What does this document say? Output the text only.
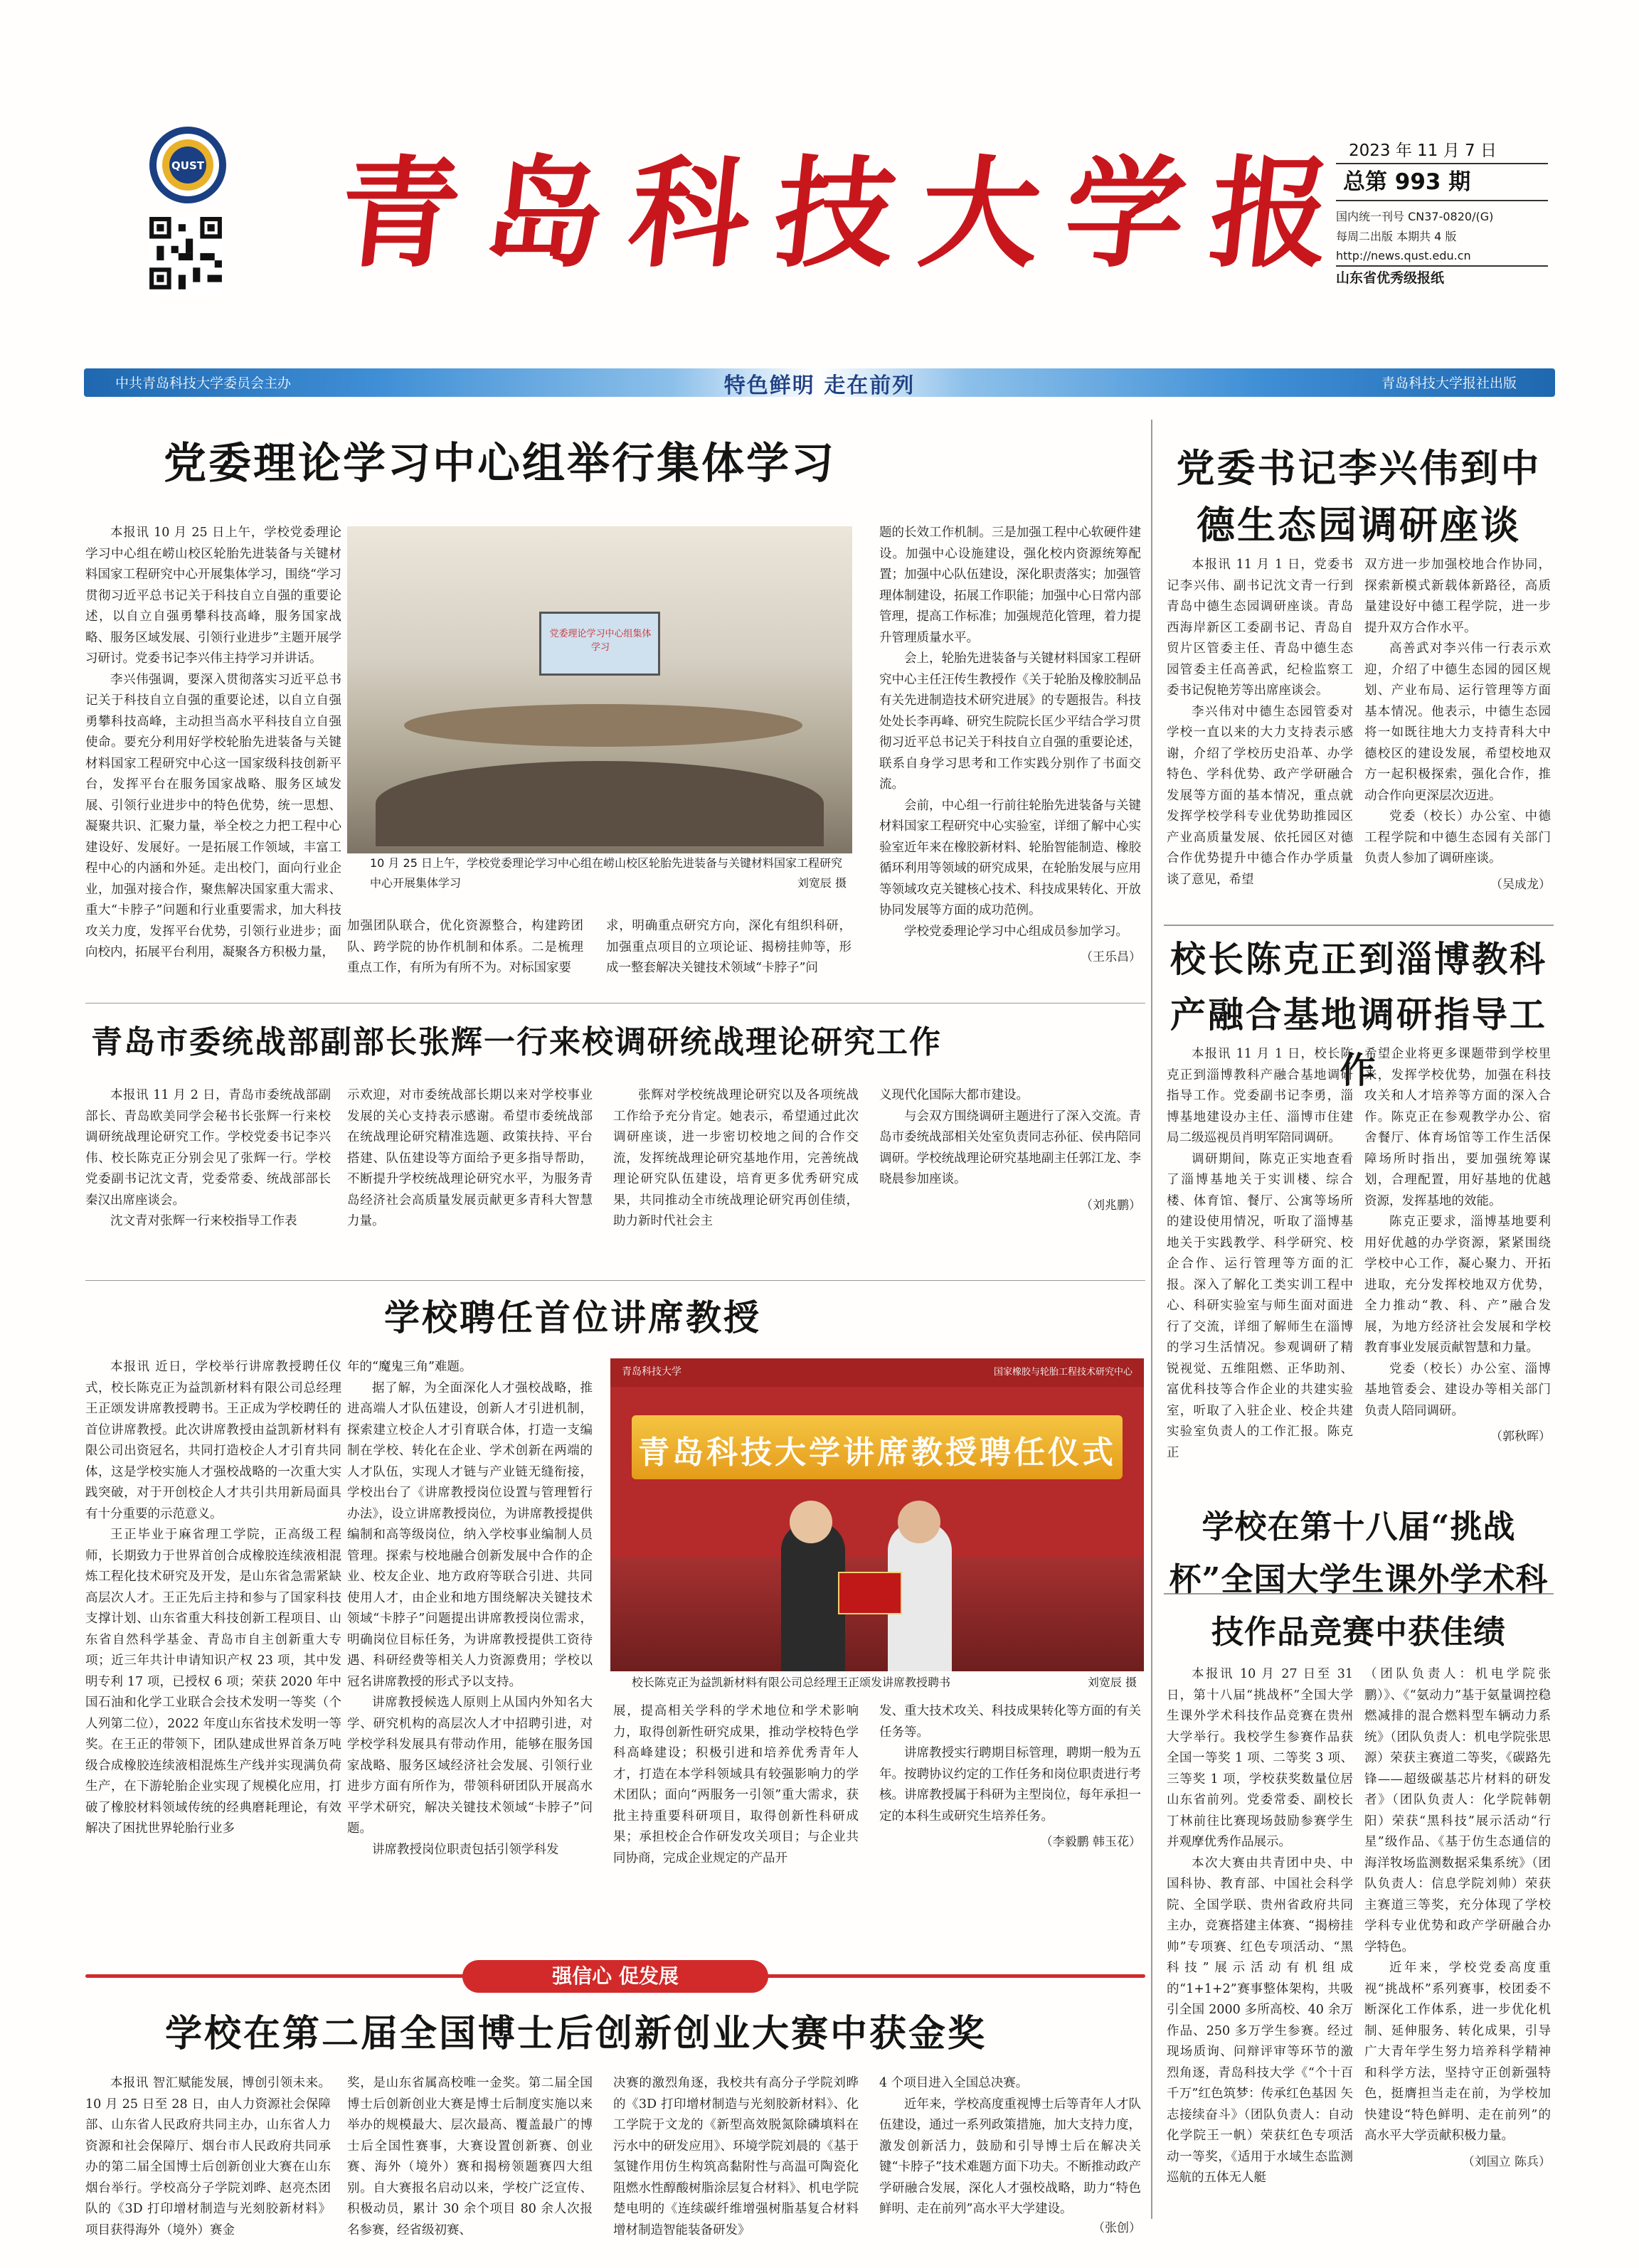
QUST 青岛科技大学报
2023 年 11 月 7 日
总第 993 期
国内统一刊号 CN37-0820/(G)
每周二出版 本期共 4 版
http://news.qust.edu.cn
山东省优秀级报纸
中共青岛科技大学委员会主办	特色鲜明 走在前列	青岛科技大学报社出版
党委理论学习中心组举行集体学习

本报讯 10 月 25 日上午，学校党委理论学习中心组在崂山校区轮胎先进装备与关键材料国家工程研究中心开展集体学习，围绕“学习贯彻习近平总书记关于科技自立自强的重要论述，以自立自强勇攀科技高峰，服务国家战略、服务区域发展、引领行业进步”主题开展学习研讨。党委书记李兴伟主持学习并讲话。

李兴伟强调，要深入贯彻落实习近平总书记关于科技自立自强的重要论述，以自立自强勇攀科技高峰，主动担当高水平科技自立自强使命。要充分利用好学校轮胎先进装备与关键材料国家工程研究中心这一国家级科技创新平台，发挥平台在服务国家战略、服务区域发展、引领行业进步中的特色优势，统一思想、凝聚共识、汇聚力量，举全校之力把工程中心建设好、发展好。一是拓展工作领域，丰富工程中心的内涵和外延。走出校门，面向行业企业，加强对接合作，聚焦解决国家重大需求、重大“卡脖子”问题和行业重要需求，加大科技攻关力度，发挥平台优势，引领行业进步；面向校内，拓展平台利用，凝聚各方积极力量，

党委理论学习中心组集体学习
10 月 25 日上午，学校党委理论学习中心组在崂山校区轮胎先进装备与关键材料国家工程研究中心开展集体学习	刘宽辰 摄

加强团队联合，优化资源整合，构建跨团队、跨学院的协作机制和体系。二是梳理重点工作，有所为有所不为。对标国家要

求，明确重点研究方向，深化有组织科研，加强重点项目的立项论证、揭榜挂帅等，形成一整套解决关键技术领域“卡脖子”问

题的长效工作机制。三是加强工程中心软硬件建设。加强中心设施建设，强化校内资源统筹配置；加强中心队伍建设，深化职责落实；加强管理体制建设，拓展工作职能；加强中心日常内部管理，提高工作标准；加强规范化管理，着力提升管理质量水平。

会上，轮胎先进装备与关键材料国家工程研究中心主任汪传生教授作《关于轮胎及橡胶制品有关先进制造技术研究进展》的专题报告。科技处处长李再峰、研究生院院长匡少平结合学习贯彻习近平总书记关于科技自立自强的重要论述，联系自身学习思考和工作实践分别作了书面交流。

会前，中心组一行前往轮胎先进装备与关键材料国家工程研究中心实验室，详细了解中心实验室近年来在橡胶新材料、轮胎智能制造、橡胶循环利用等领域的研究成果，在轮胎发展与应用等领域攻克关键核心技术、科技成果转化、开放协同发展等方面的成功范例。

学校党委理论学习中心组成员参加学习。

（王乐昌）
党委书记李兴伟到中德生态园调研座谈

本报讯 11 月 1 日，党委书记李兴伟、副书记沈文青一行到青岛中德生态园调研座谈。青岛西海岸新区工委副书记、青岛自贸片区管委主任、青岛中德生态园管委主任高善武，纪检监察工委书记倪艳芳等出席座谈会。

李兴伟对中德生态园管委对学校一直以来的大力支持表示感谢，介绍了学校历史沿革、办学特色、学科优势、政产学研融合发展等方面的基本情况，重点就发挥学校学科专业优势助推园区产业高质量发展、依托园区对德合作优势提升中德合作办学质量谈了意见，希望

双方进一步加强校地合作协同，探索新模式新载体新路径，高质量建设好中德工程学院，进一步提升双方合作水平。

高善武对李兴伟一行表示欢迎，介绍了中德生态园的园区规划、产业布局、运行管理等方面基本情况。他表示，中德生态园将一如既往地大力支持青科大中德校区的建设发展，希望校地双方一起积极探索，强化合作，推动合作向更深层次迈进。

党委（校长）办公室、中德工程学院和中德生态园有关部门负责人参加了调研座谈。

（吴成龙）
校长陈克正到淄博教科产融合基地调研指导工作

本报讯 11 月 1 日，校长陈克正到淄博教科产融合基地调研指导工作。党委副书记李勇，淄博基地建设办主任、淄博市住建局二级巡视员肖明军陪同调研。

调研期间，陈克正实地查看了淄博基地关于实训楼、综合楼、体育馆、餐厅、公寓等场所的建设使用情况，听取了淄博基地关于实践教学、科学研究、校企合作、运行管理等方面的汇报。深入了解化工类实训工程中心、科研实验室与师生面对面进行了交流，详细了解师生在淄博的学习生活情况。参观调研了精锐视觉、五维阻燃、正华助剂、富优科技等合作企业的共建实验室，听取了入驻企业、校企共建实验室负责人的工作汇报。陈克正

希望企业将更多课题带到学校里来，发挥学校优势，加强在科技攻关和人才培养等方面的深入合作。陈克正在参观教学办公、宿舍餐厅、体育场馆等工作生活保障场所时指出，要加强统筹谋划，合理配置，用好基地的优越资源，发挥基地的效能。

陈克正要求，淄博基地要利用好优越的办学资源，紧紧围绕学校中心工作，凝心聚力、开拓进取，充分发挥校地双方优势，全力推动“教、科、产”融合发展，为地方经济社会发展和学校教育事业发展贡献智慧和力量。

党委（校长）办公室、淄博基地管委会、建设办等相关部门负责人陪同调研。

（郭秋晖）
青岛市委统战部副部长张辉一行来校调研统战理论研究工作

本报讯 11 月 2 日，青岛市委统战部副部长、青岛欧美同学会秘书长张辉一行来校调研统战理论研究工作。学校党委书记李兴伟、校长陈克正分别会见了张辉一行。学校党委副书记沈文青，党委常委、统战部部长秦汉出席座谈会。

沈文青对张辉一行来校指导工作表

示欢迎，对市委统战部长期以来对学校事业发展的关心支持表示感谢。希望市委统战部在统战理论研究精准选题、政策扶持、平台搭建、队伍建设等方面给予更多指导帮助，不断提升学校统战理论研究水平，为服务青岛经济社会高质量发展贡献更多青科大智慧力量。

张辉对学校统战理论研究以及各项统战工作给予充分肯定。她表示，希望通过此次调研座谈，进一步密切校地之间的合作交流，发挥统战理论研究基地作用，完善统战理论研究队伍建设，培育更多优秀研究成果，共同推动全市统战理论研究再创佳绩，助力新时代社会主

义现代化国际大都市建设。

与会双方围绕调研主题进行了深入交流。青岛市委统战部相关处室负责同志孙征、侯冉陪同调研。学校统战理论研究基地副主任郭江龙、李晓晨参加座谈。

（刘兆鹏）
学校聘任首位讲席教授

本报讯 近日，学校举行讲席教授聘任仪式，校长陈克正为益凯新材料有限公司总经理王正颂发讲席教授聘书。王正成为学校聘任的首位讲席教授。此次讲席教授由益凯新材料有限公司出资冠名，共同打造校企人才引育共同体，这是学校实施人才强校战略的一次重大实践突破，对于开创校企人才共引共用新局面具有十分重要的示范意义。

王正毕业于麻省理工学院，正高级工程师，长期致力于世界首创合成橡胶连续液相混炼工程化技术研究及开发，是山东省急需紧缺高层次人才。王正先后主持和参与了国家科技支撑计划、山东省重大科技创新工程项目、山东省自然科学基金、青岛市自主创新重大专项；近三年共计申请知识产权 23 项，其中发明专利 17 项，已授权 6 项；荣获 2020 年中国石油和化学工业联合会技术发明一等奖（个人列第二位），2022 年度山东省技术发明一等奖。在王正的带领下，团队建成世界首条万吨级合成橡胶连续液相混炼生产线并实现满负荷生产，在下游轮胎企业实现了规模化应用，打破了橡胶材料领域传统的经典磨耗理论，有效解决了困扰世界轮胎行业多

年的“魔鬼三角”难题。

据了解，为全面深化人才强校战略，推进高端人才队伍建设，创新人才引进机制，探索建立校企人才引育联合体，打造一支编制在学校、转化在企业、学术创新在两端的人才队伍，实现人才链与产业链无缝衔接，学校出台了《讲席教授岗位设置与管理暂行办法》，设立讲席教授岗位，为讲席教授提供编制和高等级岗位，纳入学校事业编制人员管理。探索与校地融合创新发展中合作的企业、校友企业、地方政府等联合引进、共同使用人才，由企业和地方围绕解决关键技术领域“卡脖子”问题提出讲席教授岗位需求，明确岗位目标任务，为讲席教授提供工资待遇、科研经费等相关人力资源费用；学校以冠名讲席教授的形式予以支持。

讲席教授候选人原则上从国内外知名大学、研究机构的高层次人才中招聘引进，对学校学科发展具有带动作用，能够在服务国家战略、服务区域经济社会发展、引领行业进步方面有所作为，带领科研团队开展高水平学术研究，解决关键技术领域“卡脖子”问题。

讲席教授岗位职责包括引领学科发

青岛科技大学	国家橡胶与轮胎工程技术研究中心
青岛科技大学讲席教授聘任仪式
校长陈克正为益凯新材料有限公司总经理王正颂发讲席教授聘书	刘宽辰 摄

展，提高相关学科的学术地位和学术影响力，取得创新性研究成果，推动学校特色学科高峰建设；积极引进和培养优秀青年人才，打造在本学科领域具有较强影响力的学术团队；面向“两服务一引领”重大需求，获批主持重要科研项目，取得创新性科研成果；承担校企合作研发攻关项目；与企业共同协商，完成企业规定的产品开

发、重大技术攻关、科技成果转化等方面的有关任务等。

讲席教授实行聘期目标管理，聘期一般为五年。按聘协议约定的工作任务和岗位职责进行考核。讲席教授属于科研为主型岗位，每年承担一定的本科生或研究生培养任务。

（李毅鹏 韩玉花）
学校在第十八届“挑战杯”全国大学生课外学术科技作品竞赛中获佳绩

本报讯 10 月 27 日至 31 日，第十八届“挑战杯”全国大学生课外学术科技作品竞赛在贵州大学举行。我校学生参赛作品获全国一等奖 1 项、二等奖 3 项、三等奖 1 项，学校获奖数量位居山东省前列。党委常委、副校长丁林前往比赛现场鼓励参赛学生并观摩优秀作品展示。

本次大赛由共青团中央、中国科协、教育部、中国社会科学院、全国学联、贵州省政府共同主办，竞赛搭建主体赛、“揭榜挂帅”专项赛、红色专项活动、“黑科技”展示活动有机组成的“1+1+2”赛事整体架构，共吸引全国 2000 多所高校、40 余万作品、250 多万学生参赛。经过现场质询、问辩评审等环节的激烈角逐，青岛科技大学《“个十百千万”红色筑梦：传承红色基因 矢志接续奋斗》（团队负责人：自动化学院王一帆）荣获红色专项活动一等奖，《适用于水域生态监测巡航的五体无人艇

（团队负责人：机电学院张鹏）》、《“氨动力”基于氨量调控稳燃减排的混合燃料型车辆动力系统》（团队负责人：机电学院张思源）荣获主赛道二等奖，《碳路先锋——超级碳基芯片材料的研发者》（团队负责人：化学院韩朝阳）荣获“黑科技”展示活动“行星”级作品、《基于仿生态通信的海洋牧场监测数据采集系统》（团队负责人：信息学院刘帅）荣获主赛道三等奖，充分体现了学校学科专业优势和政产学研融合办学特色。

近年来，学校党委高度重视“挑战杯”系列赛事，校团委不断深化工作体系，进一步优化机制、延伸服务、转化成果，引导广大青年学生努力培养科学精神和科学方法，坚持守正创新强特色，挺膺担当走在前，为学校加快建设“特色鲜明、走在前列”的高水平大学贡献积极力量。

（刘国立 陈兵）
强信心 促发展
学校在第二届全国博士后创新创业大赛中获金奖

本报讯 智汇赋能发展，博创引领未来。10 月 25 日至 28 日，由人力资源社会保障部、山东省人民政府共同主办，山东省人力资源和社会保障厅、烟台市人民政府共同承办的第二届全国博士后创新创业大赛在山东烟台举行。学校高分子学院刘晔、赵亮杰团队的《3D 打印增材制造与光刻胶新材料》项目获得海外（境外）赛金

奖，是山东省属高校唯一金奖。第二届全国博士后创新创业大赛是博士后制度实施以来举办的规模最大、层次最高、覆盖最广的博士后全国性赛事，大赛设置创新赛、创业赛、海外（境外）赛和揭榜领题赛四大组别。自大赛报名启动以来，学校广泛宣传、积极动员，累计 30 余个项目 80 余人次报名参赛，经省级初赛、

决赛的激烈角逐，我校共有高分子学院刘晔的《3D 打印增材制造与光刻胶新材料》、化工学院于文龙的《新型高效脱氮除磷填料在污水中的研发应用》、环境学院刘晨的《基于氢键作用仿生构筑高黏附性与高温可陶瓷化阻燃水性醇酸树脂涂层复合材料》、机电学院楚电明的《连续碳纤维增强树脂基复合材料增材制造智能装备研发》

4 个项目进入全国总决赛。

近年来，学校高度重视博士后等青年人才队伍建设，通过一系列政策措施，加大支持力度，激发创新活力，鼓励和引导博士后在解决关键“卡脖子”技术难题方面下功夫。不断推动政产学研融合发展，深化人才强校战略，助力“特色鲜明、走在前列”高水平大学建设。

（张创）
